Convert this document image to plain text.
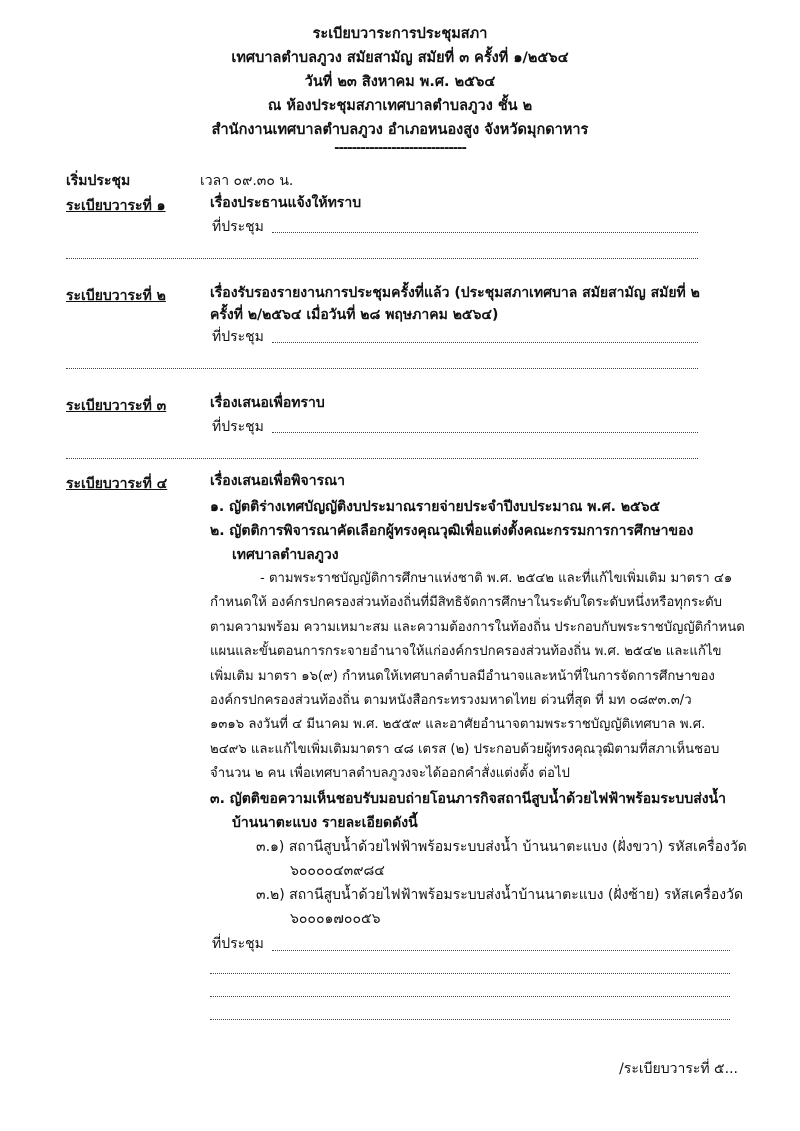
ระเบียบวาระการประชุมสภา
เทศบาลตำบลภูวง สมัยสามัญ สมัยที่ ๓ ครั้งที่ ๑/๒๕๖๔
วันที่ ๒๓ สิงหาคม พ.ศ. ๒๕๖๔
ณ ห้องประชุมสภาเทศบาลตำบลภูวง ชั้น ๒
สำนักงานเทศบาลตำบลภูวง อำเภอหนองสูง จังหวัดมุกดาหาร
------------------------------
เริ่มประชุม	เวลา ๐๙.๓๐ น.
ระเบียบวาระที่ ๑	เรื่องประธานแจ้งให้ทราบ
ที่ประชุม
ระเบียบวาระที่ ๒	เรื่องรับรองรายงานการประชุมครั้งที่แล้ว (ประชุมสภาเทศบาล สมัยสามัญ สมัยที่ ๒
ครั้งที่ ๒/๒๕๖๔ เมื่อวันที่ ๒๘ พฤษภาคม ๒๕๖๔)
ที่ประชุม
ระเบียบวาระที่ ๓	เรื่องเสนอเพื่อทราบ
ที่ประชุม
ระเบียบวาระที่ ๔	เรื่องเสนอเพื่อพิจารณา
๑. ญัตติร่างเทศบัญญัติงบประมาณรายจ่ายประจำปีงบประมาณ พ.ศ. ๒๕๖๕
๒. ญัตติการพิจารณาคัดเลือกผู้ทรงคุณวุฒิเพื่อแต่งตั้งคณะกรรมการการศึกษาของ
เทศบาลตำบลภูวง
- ตามพระราชบัญญัติการศึกษาแห่งชาติ พ.ศ. ๒๕๔๒ และที่แก้ไขเพิ่มเติม มาตรา ๔๑
กำหนดให้ องค์กรปกครองส่วนท้องถิ่นที่มีสิทธิจัดการศึกษาในระดับใดระดับหนึ่งหรือทุกระดับ
ตามความพร้อม ความเหมาะสม และความต้องการในท้องถิ่น ประกอบกับพระราชบัญญัติกำหนด
แผนและขั้นตอนการกระจายอำนาจให้แก่องค์กรปกครองส่วนท้องถิ่น พ.ศ. ๒๕๔๒ และแก้ไข
เพิ่มเติม มาตรา ๑๖(๙) กำหนดให้เทศบาลตำบลมีอำนาจและหน้าที่ในการจัดการศึกษาของ
องค์กรปกครองส่วนท้องถิ่น ตามหนังสือกระทรวงมหาดไทย ด่วนที่สุด ที่ มท ๐๘๙๓.๓/ว
๑๓๑๖ ลงวันที่ ๔ มีนาคม พ.ศ. ๒๕๕๙ และอาศัยอำนาจตามพระราชบัญญัติเทศบาล พ.ศ.
๒๔๙๖ และแก้ไขเพิ่มเติมมาตรา ๔๘ เตรส (๒) ประกอบด้วยผู้ทรงคุณวุฒิตามที่สภาเห็นชอบ
จำนวน ๒ คน เพื่อเทศบาลตำบลภูวงจะได้ออกคำสั่งแต่งตั้ง ต่อไป
๓. ญัตติขอความเห็นชอบรับมอบถ่ายโอนภารกิจสถานีสูบน้ำด้วยไฟฟ้าพร้อมระบบส่งน้ำ
บ้านนาตะแบง รายละเอียดดังนี้
๓.๑) สถานีสูบน้ำด้วยไฟฟ้าพร้อมระบบส่งน้ำ บ้านนาตะแบง (ฝั่งขวา) รหัสเครื่องวัด
๖๐๐๐๐๔๓๙๘๔
๓.๒) สถานีสูบน้ำด้วยไฟฟ้าพร้อมระบบส่งน้ำบ้านนาตะแบง (ฝั่งซ้าย) รหัสเครื่องวัด
๖๐๐๐๑๗๐๐๕๖
ที่ประชุม
/ระเบียบวาระที่ ๕...
